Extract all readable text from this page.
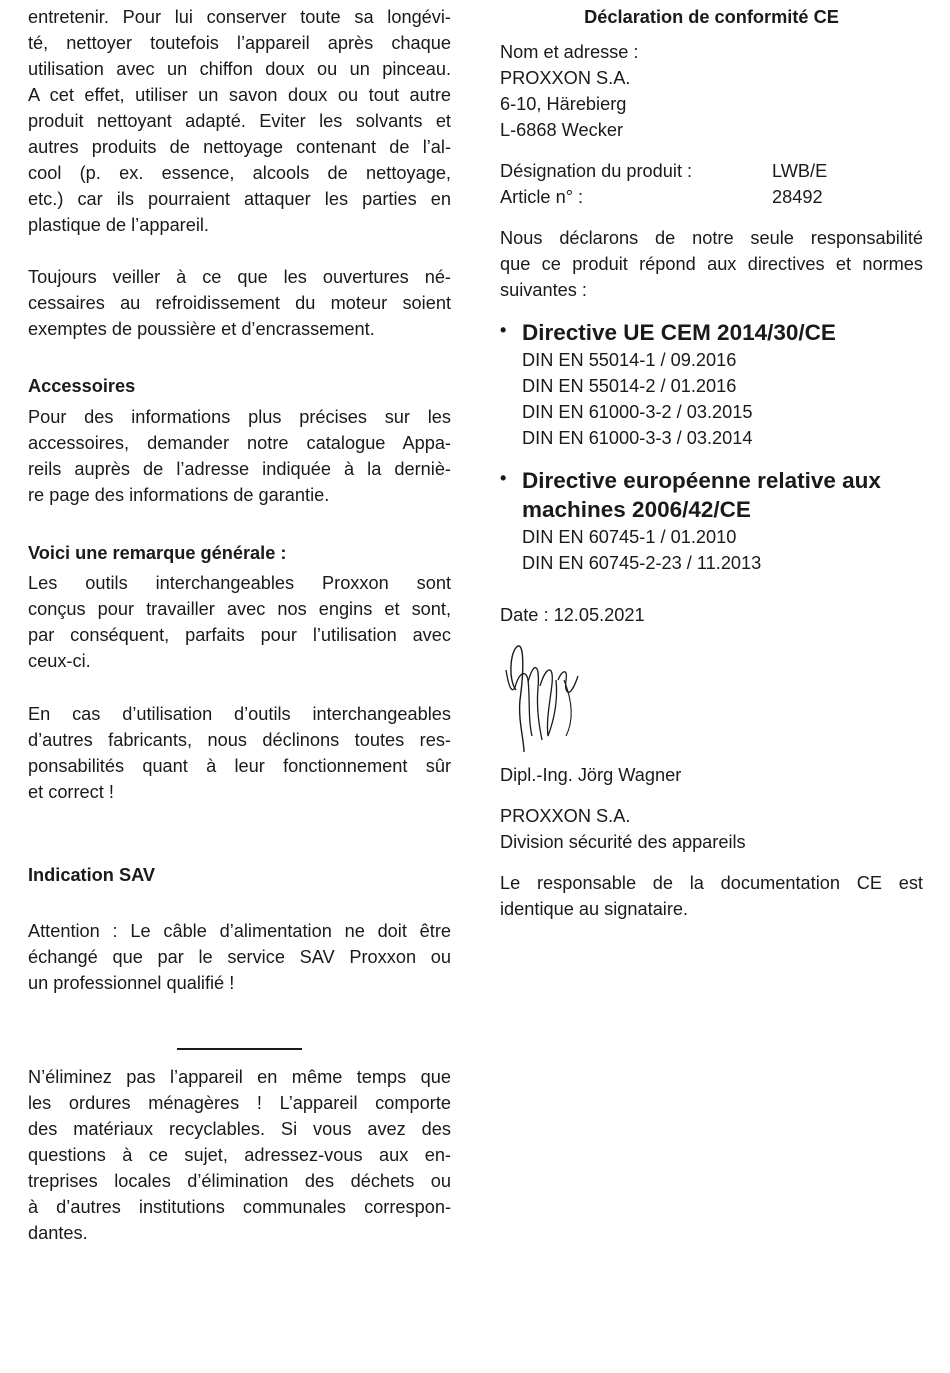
entretenir. Pour lui conserver toute sa longévi-
té, nettoyer toutefois l’appareil après chaque
utilisation avec un chiffon doux ou un pinceau.
A cet effet, utiliser un savon doux ou tout autre
produit nettoyant adapté. Eviter les solvants et
autres produits de nettoyage contenant de l’al-
cool (p. ex. essence, alcools de nettoyage,
etc.) car ils pourraient attaquer les parties en
plastique de l’appareil.
Toujours veiller à ce que les ouvertures né-
cessaires au refroidissement du moteur soient
exemptes de poussière et d’encrassement.
Accessoires
Pour des informations plus précises sur les
accessoires, demander notre catalogue Appa-
reils auprès de l’adresse indiquée à la derniè-
re page des informations de garantie.
Voici une remarque générale :
Les outils interchangeables Proxxon sont
conçus pour travailler avec nos engins et sont,
par conséquent, parfaits pour l’utilisation avec
ceux-ci.
En cas d’utilisation d’outils interchangeables
d’autres fabricants, nous déclinons toutes res-
ponsabilités quant à leur fonctionnement sûr
et correct !
Indication SAV
Attention : Le câble d’alimentation ne doit être
échangé que par le service SAV Proxxon ou
un professionnel qualifié !
N’éliminez pas l’appareil en même temps que
les ordures ménagères ! L’appareil comporte
des matériaux recyclables. Si vous avez des
questions à ce sujet, adressez-vous aux en-
treprises locales d’élimination des déchets ou
à d’autres institutions communales correspon-
dantes.
Déclaration de conformité CE
Nom et adresse :
PROXXON S.A.
6-10, Härebierg
L-6868 Wecker
Désignation du produit :	LWB/E
Article n° :	28492
Nous déclarons de notre seule responsabilité
que ce produit répond aux directives et normes
suivantes :
• Directive UE CEM 2014/30/CE
DIN EN 55014-1 / 09.2016
DIN EN 55014-2 / 01.2016
DIN EN 61000-3-2 / 03.2015
DIN EN 61000-3-3 / 03.2014
• Directive européenne relative aux
machines 2006/42/CE
DIN EN 60745-1 / 01.2010
DIN EN 60745-2-23 / 11.2013
Date : 12.05.2021
Dipl.-Ing. Jörg Wagner
PROXXON S.A.
Division sécurité des appareils
Le responsable de la documentation CE est
identique au signataire.
